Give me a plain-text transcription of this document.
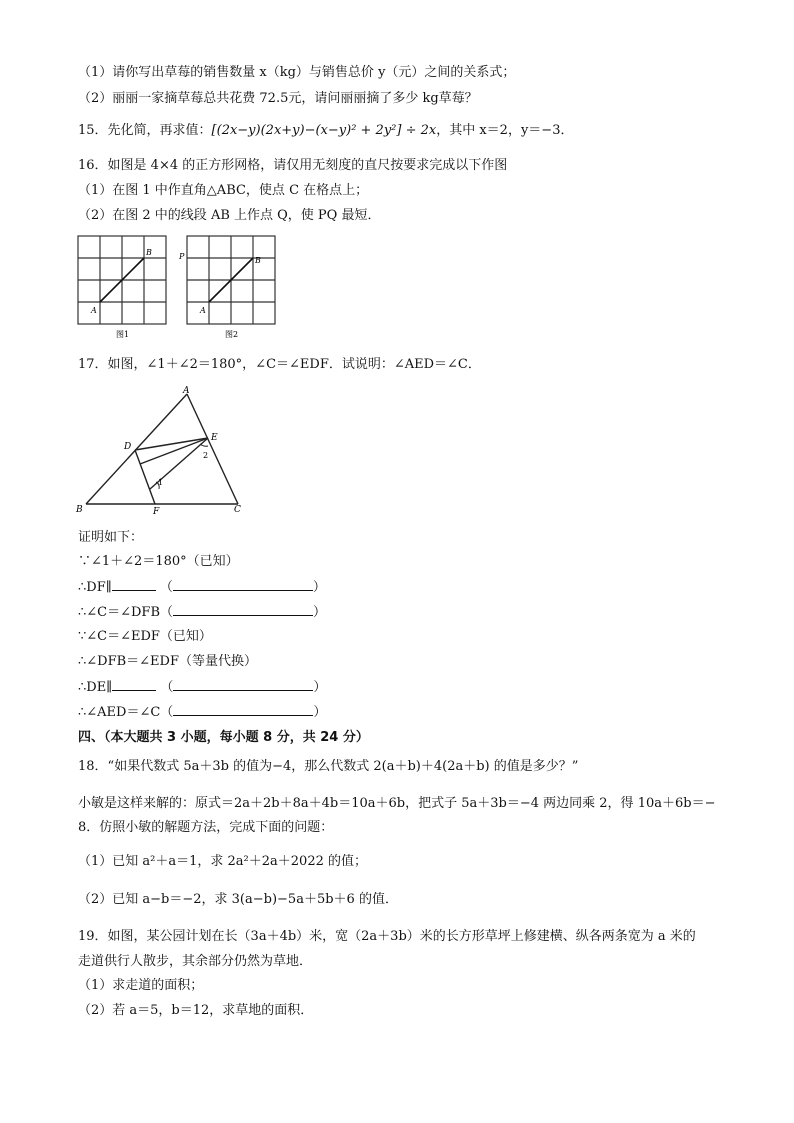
（1）请你写出草莓的销售数量 x（kg）与销售总价 y（元）之间的关系式；
（2）丽丽一家摘草莓总共花费 72.5元，请问丽丽摘了多少 kg草莓？
15．先化简，再求值：[(2x−y)(2x+y)−(x−y)² + 2y²] ÷ 2x，其中 x＝2，y＝−3．
16．如图是 4×4 的正方形网格，请仅用无刻度的直尺按要求完成以下作图
（1）在图 1 中作直角△ABC，使点 C 在格点上；
（2）在图 2 中的线段 AB 上作点 Q，使 PQ 最短．
A
B
图1
P
A
B
图2
17．如图，∠1＋∠2＝180°，∠C＝∠EDF．试说明：∠AED＝∠C．
A
B	C
D
E
F
1
2
证明如下：
∵∠1＋∠2＝180°（已知）
∴DF∥	（	）
∴∠C＝∠DFB（	）
∵∠C＝∠EDF（已知）
∴∠DFB＝∠EDF（等量代换）
∴DE∥	（	）
∴∠AED＝∠C（	）
四、（本大题共 3 小题，每小题 8 分，共 24 分）
18．“如果代数式 5a＋3b 的值为−4，那么代数式 2(a＋b)＋4(2a＋b) 的值是多少？”
小敏是这样来解的：原式＝2a＋2b＋8a＋4b＝10a＋6b，把式子 5a＋3b＝−4 两边同乘 2，得 10a＋6b＝−
8．仿照小敏的解题方法，完成下面的问题：
（1）已知 a²＋a＝1，求 2a²＋2a＋2022 的值；
（2）已知 a−b＝−2，求 3(a−b)−5a＋5b＋6 的值．
19．如图，某公园计划在长（3a＋4b）米，宽（2a＋3b）米的长方形草坪上修建横、纵各两条宽为 a 米的
走道供行人散步，其余部分仍然为草地．
（1）求走道的面积；
（2）若 a＝5，b＝12，求草地的面积．
